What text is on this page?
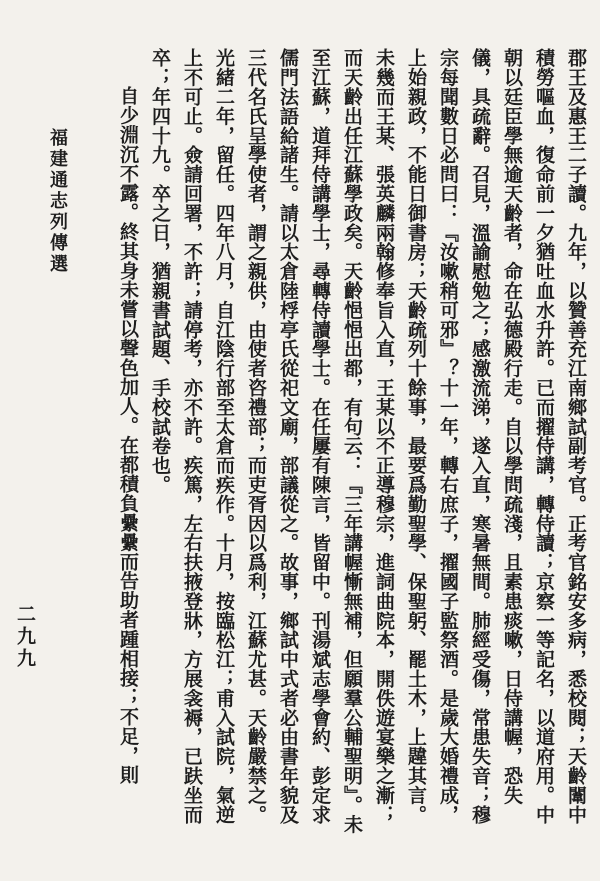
郡王及惠王二子讀。九年，以贊善充江南鄉試副考官。正考官銘安多病，悉校閱；天齡闈中積勞嘔血，復命前一夕猶吐血水升許。已而擢侍講，轉侍讀；京察一等記名，以道府用。中朝以廷臣學無逾天齡者，命在弘德殿行走。自以學問疏淺，且素患痰嗽，日侍講幄，恐失儀，具疏辭。召見，溫諭慰勉之；感激流涕，遂入直，寒暑無間。肺經受傷，常患失音；穆宗每聞數日必問曰：『汝嗽稍可邪』？十一年，轉右庶子，擢國子監祭酒。是歲大婚禮成，上始親政，不能日御書房；天齡疏列十餘事，最要爲勤聖學、保聖躬、罷土木，上韙其言。未幾而王某、張英麟兩翰修奉旨入直，王某以不正導穆宗，進詞曲院本，開佚遊宴樂之漸；而天齡出任江蘇學政矣。天齡悒悒出都，有句云：『三年講幄慚無補，但願羣公輔聖明』。未至江蘇，道拜侍講學士，尋轉侍讀學士。在任屢有陳言，皆留中。刊湯斌志學會約、彭定求儒門法語給諸生。請以太倉陸桴亭氏從祀文廟，部議從之。故事，鄉試中式者必由書年貌及三代名氏呈學使者，謂之親供，由使者咨禮部；而吏胥因以爲利，江蘇尤甚。天齡嚴禁之。光緒二年，留任。四年八月，自江陰行部至太倉而疾作。十月，按臨松江；甫入試院，氣逆上不可止。僉請回署，不許；請停考，亦不許。疾篤，左右扶掖登牀，方展衾褥，已趺坐而卒；年四十九。卒之日，猶親書試題、手校試卷也。

自少淵沉不露。終其身未嘗以聲色加人。在都積負纍纍而告助者踵相接；不足，則

福建通志列傳選
二九九
